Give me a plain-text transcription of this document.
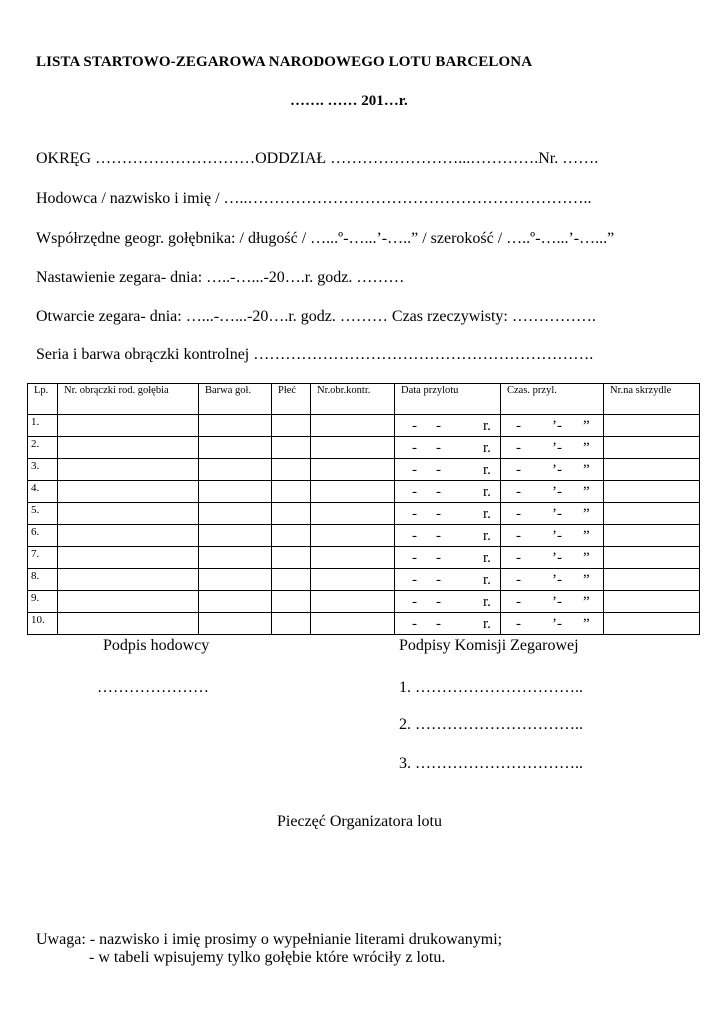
LISTA STARTOWO-ZEGAROWA NARODOWEGO LOTU BARCELONA
……. …… 201…r.
OKRĘG …………………………ODDZIAŁ ……………………...………….Nr. …….
Hodowca / nazwisko i imię / …..………………………………………………………..
Współrzędne geogr. gołębnika: / długość / …...º-…...’-…..” / szerokość / …..º-…...’-…...”
Nastawienie zegara- dnia: …..-…...-20….r. godz. ………
Otwarcie zegara- dnia: …...-…...-20….r. godz. ……… Czas rzeczywisty: …………….
Seria i barwa obrączki kontrolnej ……………………………………………………….
Lp.	Nr. obrączki rod. gołębia	Barwa goł.	Płeć	Nr.obr.kontr.	Data przylotu	Czas. przyl.	Nr.na skrzydle
1.					- - r.	- ’- ”	

2.					- - r.	- ’- ”	

3.					- - r.	- ’- ”	

4.					- - r.	- ’- ”	

5.					- - r.	- ’- ”	

6.					- - r.	- ’- ”	

7.					- - r.	- ’- ”	

8.					- - r.	- ’- ”	

9.					- - r.	- ’- ”	

10.					- - r.	- ’- ”	

Podpis hodowcy
…………………
Podpisy Komisji Zegarowej
1. …………………………..
2. …………………………..
3. …………………………..
Pieczęć Organizatora lotu
Uwaga: - nazwisko i imię prosimy o wypełnianie literami drukowanymi;
- w tabeli wpisujemy tylko gołębie które wróciły z lotu.
